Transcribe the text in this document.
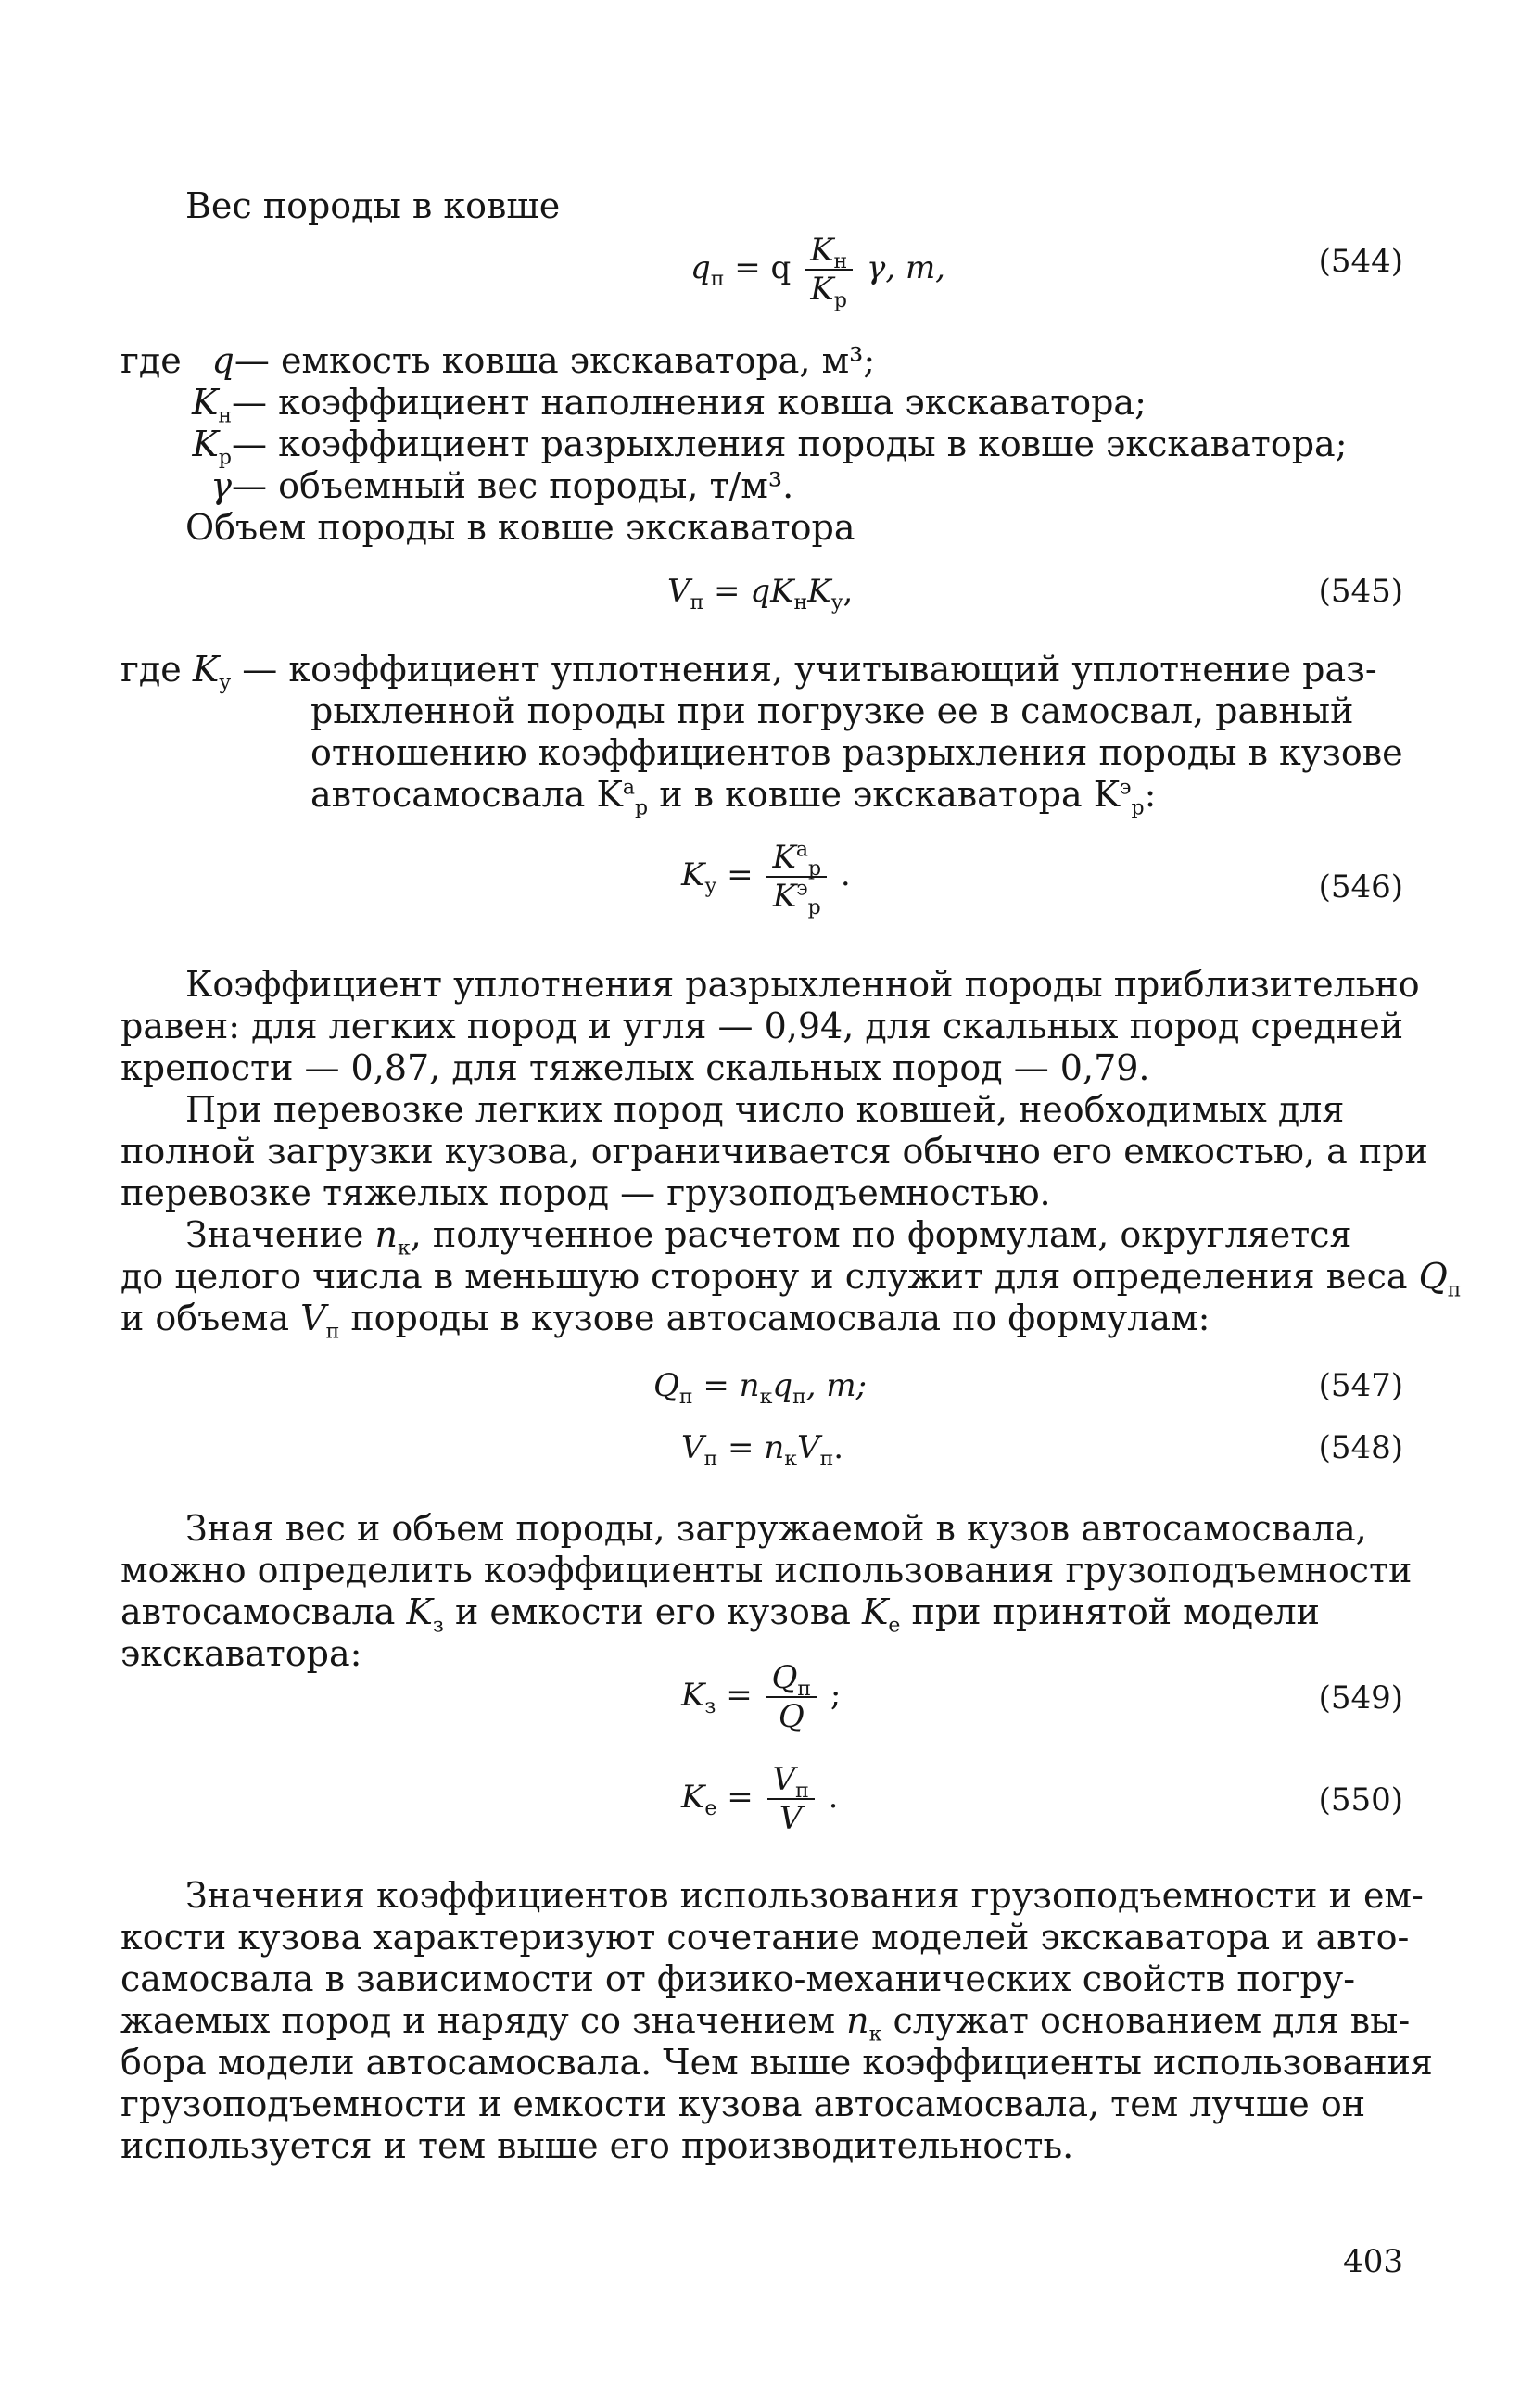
Вес породы в ковше
$q_п = q \frac{K_н}{K_р} \gamma$, т,	(544)
где q— емкость ковша экскаватора, м³;
$K_н—$ коэффициент наполнения ковша экскаватора;
$K_р—$ коэффициент разрыхления породы в ковше экскаватора;
γ— объемный вес породы, т/м³.
Объем породы в ковше экскаватора
$V_п = qK_нK_у$,	(545)
где $K_у$ — коэффициент уплотнения, учитывающий уплотнение раз-
рыхленной породы при погрузке ее в самосвал, равный
отношению коэффициентов разрыхления породы в кузове
автосамосвала $K^а_р$ и в ковше экскаватора $K^э_р$:
$K_у = \frac{K^а_р}{K^э_р}$ .	(546)
Коэффициент уплотнения разрыхленной породы приблизительно
равен: для легких пород и угля — 0,94, для скальных пород средней
крепости — 0,87, для тяжелых скальных пород — 0,79.
При перевозке легких пород число ковшей, необходимых для
полной загрузки кузова, ограничивается обычно его емкостью, а при
перевозке тяжелых пород — грузоподъемностью.
Значение $n_к$, полученное расчетом по формулам, округляется
до целого числа в меньшую сторону и служит для определения веса $Q_п$
и объема $V_п$ породы в кузове автосамосвала по формулам:
$Q_п = n_кq_п$, т;	(547)
$V_п = n_кV_п$.	(548)
Зная вес и объем породы, загружаемой в кузов автосамосвала,
можно определить коэффициенты использования грузоподъемности
автосамосвала $K_з$ и емкости его кузова $K_е$ при принятой модели
экскаватора:
$K_з = \frac{Q_п}{Q}$ ;	(549)
$K_е = \frac{V_п}{V}$ .	(550)
Значения коэффициентов использования грузоподъемности и ем-
кости кузова характеризуют сочетание моделей экскаватора и авто-
самосвала в зависимости от физико-механических свойств погру-
жаемых пород и наряду со значением $n_к$ служат основанием для вы-
бора модели автосамосвала. Чем выше коэффициенты использования
грузоподъемности и емкости кузова автосамосвала, тем лучше он
используется и тем выше его производительность.
403
